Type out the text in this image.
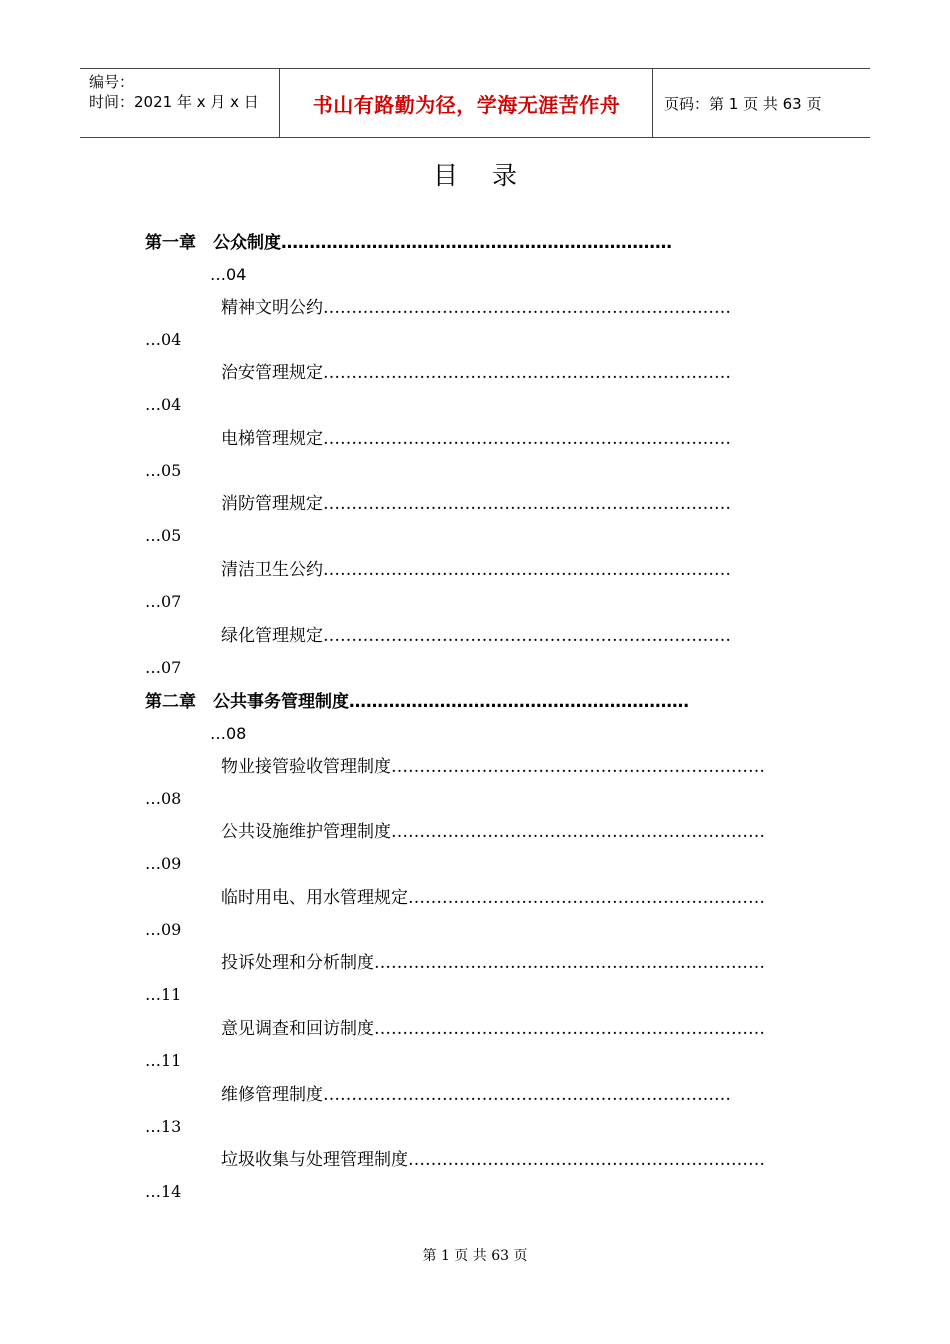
编号：
时间：2021 年 x 月 x 日	书山有路勤为径，学海无涯苦作舟	页码：第 1 页 共 63 页
目录
第一章　公众制度……………………………………………………………
…04
精神文明公约………………………………………………………………
…04
治安管理规定………………………………………………………………
…04
电梯管理规定………………………………………………………………
…05
消防管理规定………………………………………………………………
…05
清洁卫生公约………………………………………………………………
…07
绿化管理规定………………………………………………………………
…07
第二章　公共事务管理制度……………………………………………………
…08
物业接管验收管理制度…………………………………………………………
…08
公共设施维护管理制度…………………………………………………………
…09
临时用电、用水管理规定………………………………………………………
…09
投诉处理和分析制度……………………………………………………………
…11
意见调查和回访制度……………………………………………………………
…11
维修管理制度………………………………………………………………
…13
垃圾收集与处理管理制度………………………………………………………
…14
第 1 页 共 63 页
